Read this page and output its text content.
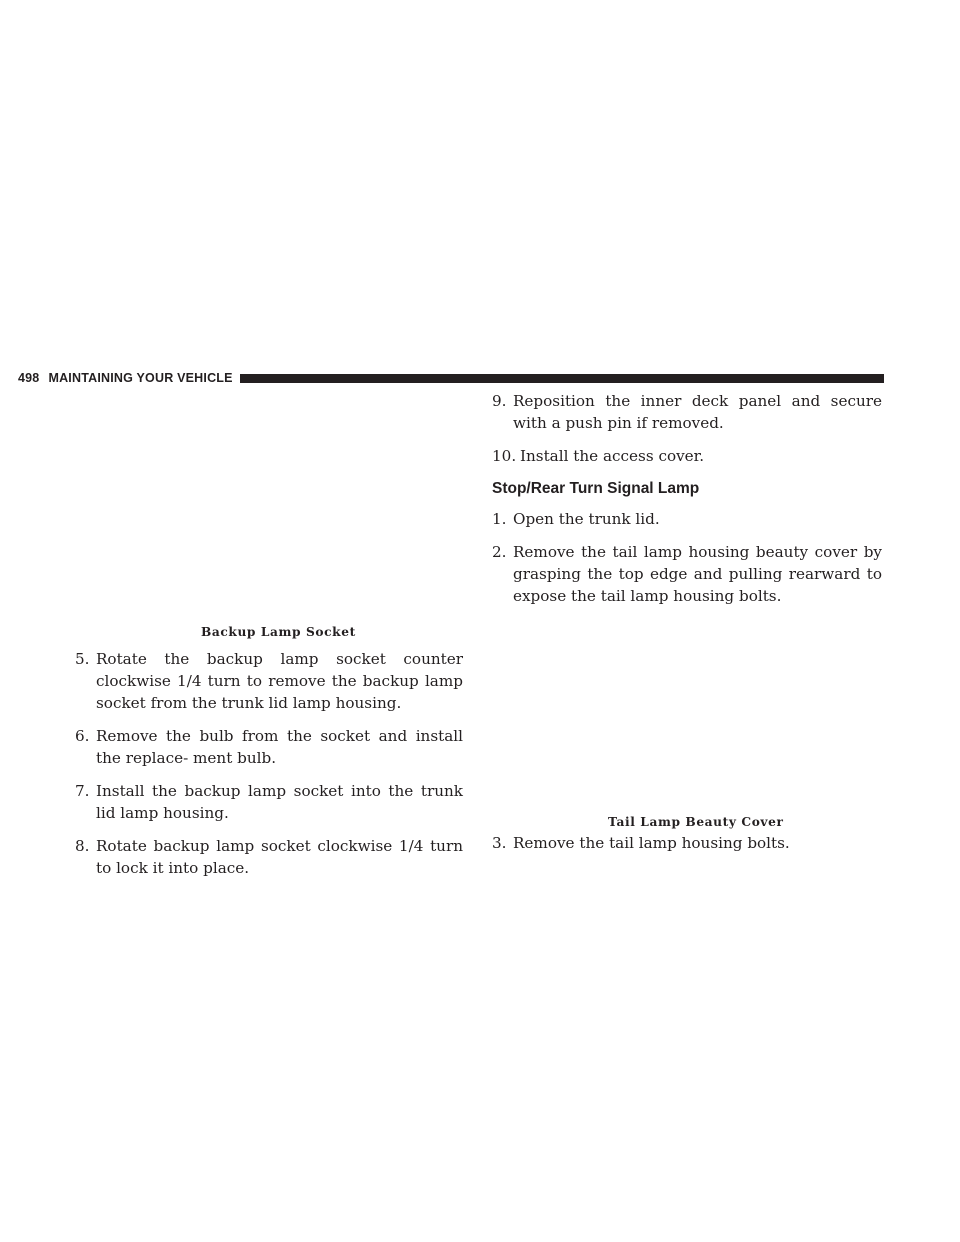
498 MAINTAINING YOUR VEHICLE
Backup Lamp Socket
Tail Lamp Beauty Cover
5. Rotate the backup lamp socket counter clockwise 1/4 turn to remove the backup lamp socket from the trunk lid lamp housing.
6. Remove the bulb from the socket and install the replace- ment bulb.
7. Install the backup lamp socket into the trunk lid lamp housing.
8. Rotate backup lamp socket clockwise 1/4 turn to lock it into place.
9. Reposition the inner deck panel and secure with a push pin if removed.
10. Install the access cover.
Stop/Rear Turn Signal Lamp
1. Open the trunk lid.
2. Remove the tail lamp housing beauty cover by grasping the top edge and pulling rearward to expose the tail lamp housing bolts.
3. Remove the tail lamp housing bolts.
